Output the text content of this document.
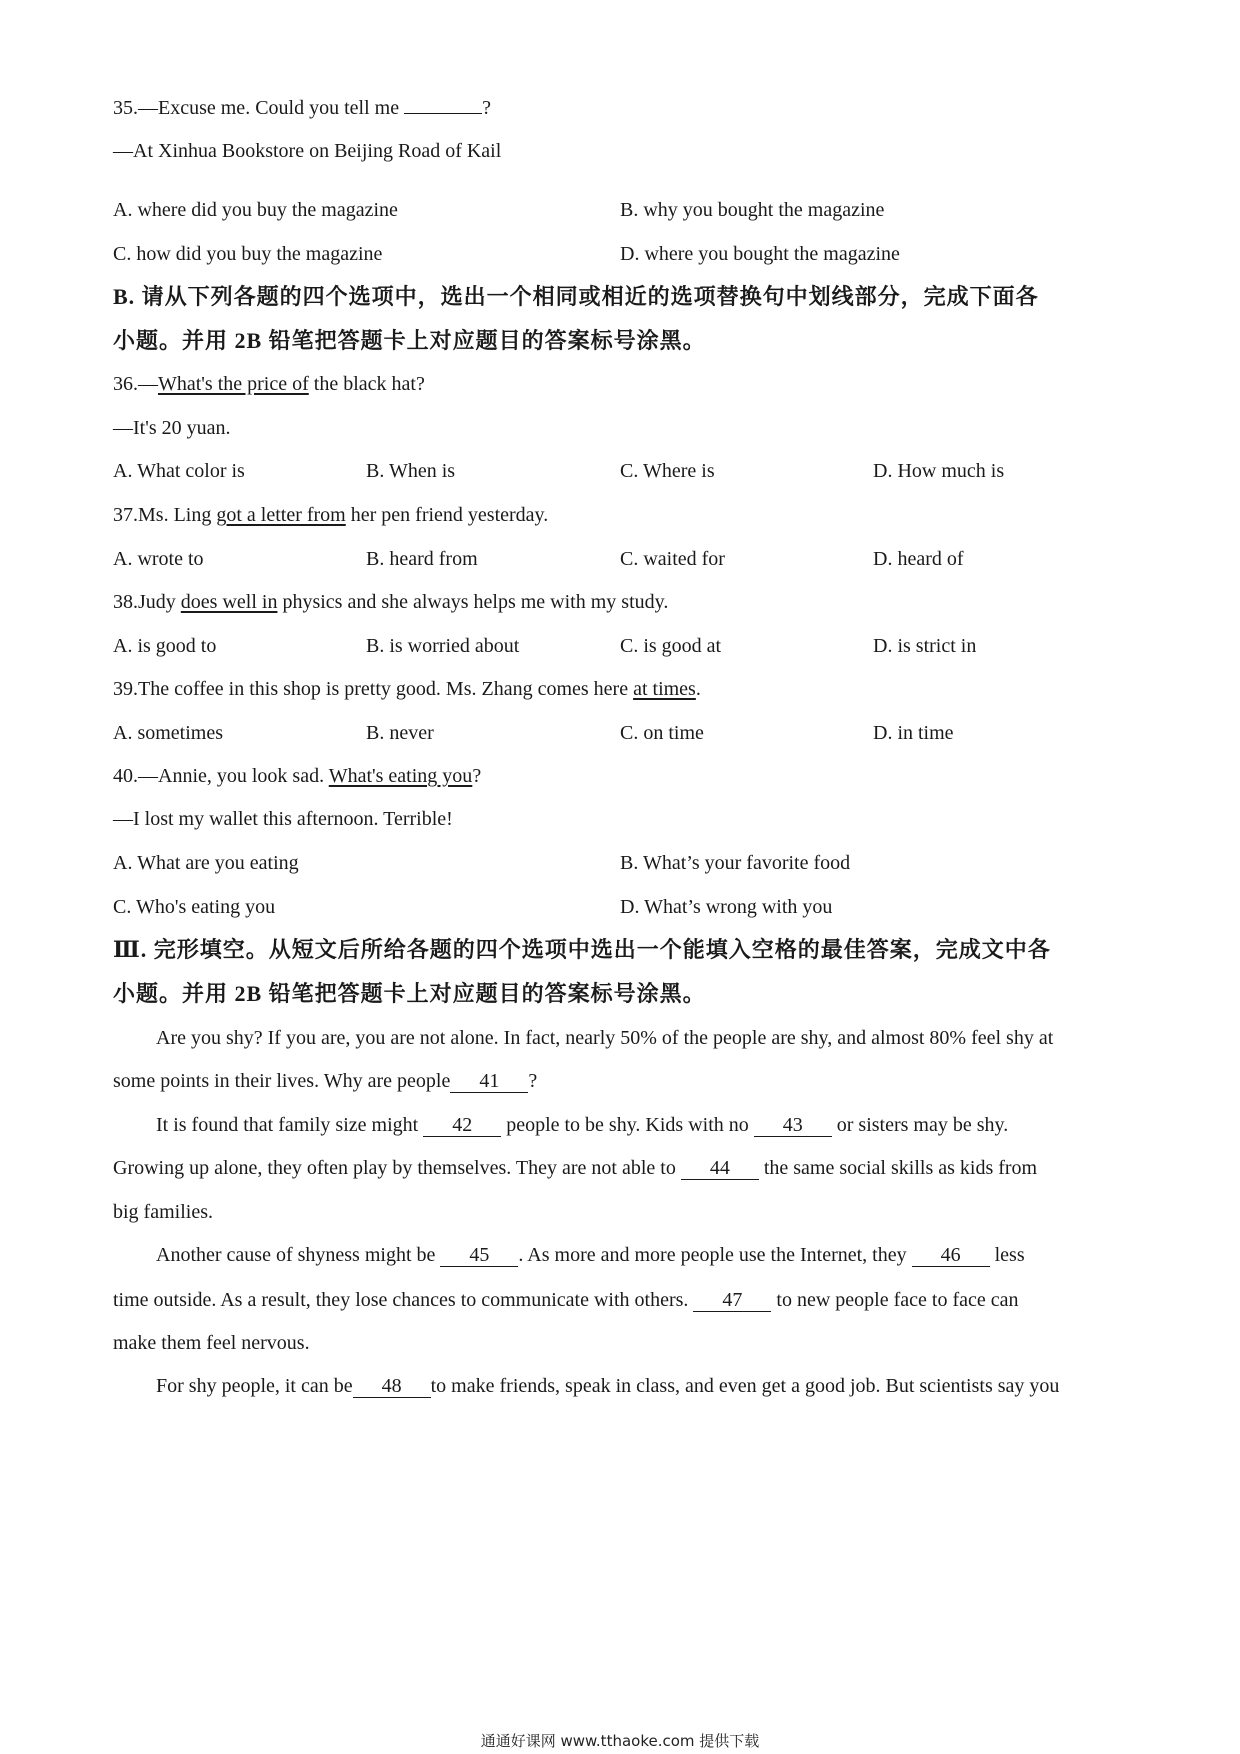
35.—Excuse me. Could you tell me	?
—At Xinhua Bookstore on Beijing Road of Kail
A. where did you buy the magazine	B. why you bought the magazine
C. how did you buy the magazine	D. where you bought the magazine
B. 请从下列各题的四个选项中，选出一个相同或相近的选项替换句中划线部分，完成下面各
小题。并用 2B 铅笔把答题卡上对应题目的答案标号涂黑。
36.—What's the price of the black hat?
—It's 20 yuan.
A. What color is	B. When is	C. Where is	D. How much is
37.Ms. Ling got a letter from her pen friend yesterday.
A. wrote to	B. heard from	C. waited for	D. heard of
38.Judy does well in physics and she always helps me with my study.
A. is good to	B. is worried about	C. is good at	D. is strict in
39.The coffee in this shop is pretty good. Ms. Zhang comes here at times.
A. sometimes	B. never	C. on time	D. in time
40.—Annie, you look sad. What's eating you?
—I lost my wallet this afternoon. Terrible!
A. What are you eating	B. What’s your favorite food
C. Who's eating you	D. What’s wrong with you
Ⅲ. 完形填空。从短文后所给各题的四个选项中选出一个能填入空格的最佳答案，完成文中各
小题。并用 2B 铅笔把答题卡上对应题目的答案标号涂黑。
Are you shy? If you are, you are not alone. In fact, nearly 50% of the people are shy, and almost 80% feel shy at
some points in their lives. Why are people 41 ?
It is found that family size might 42 people to be shy. Kids with no 43 or sisters may be shy.
Growing up alone, they often play by themselves. They are not able to 44 the same social skills as kids from
big families.
Another cause of shyness might be 45 . As more and more people use the Internet, they 46 less
time outside. As a result, they lose chances to communicate with others. 47 to new people face to face can
make them feel nervous.
For shy people, it can be 48 to make friends, speak in class, and even get a good job. But scientists say you
通通好课网 www.tthaoke.com 提供下载
